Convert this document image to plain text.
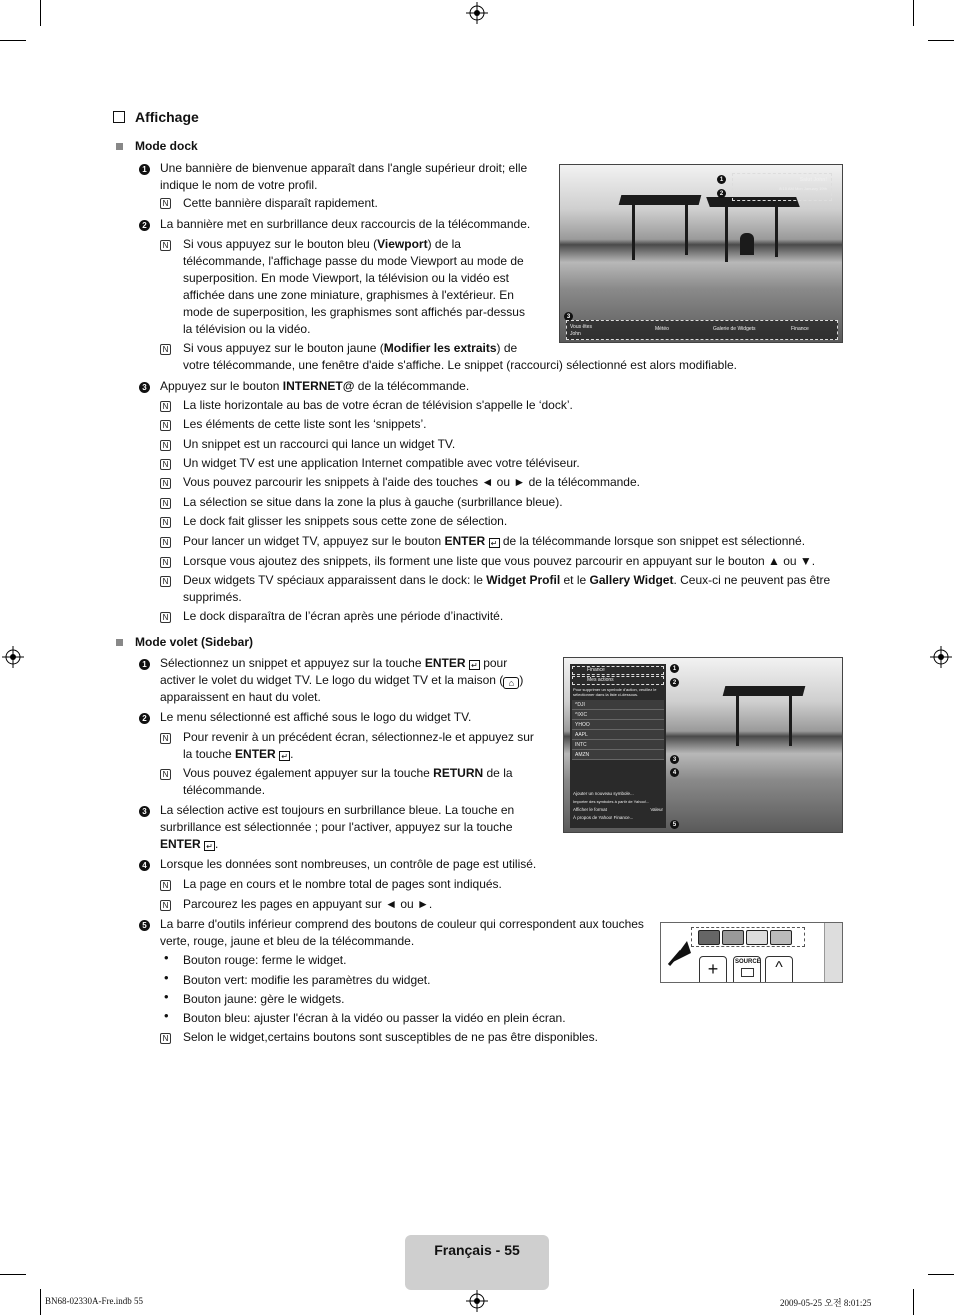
Affichage
Mode dock
1 Une bannière de bienvenue apparaît dans l'angle supérieur droit; elle
indique le nom de votre profil.
N Cette bannière disparaît rapidement.
2 La bannière met en surbrillance deux raccourcis de la télécommande.
N Si vous appuyez sur le bouton bleu (Viewport) de la
télécommande, l'affichage passe du mode Viewport au mode de
superposition. En mode Viewport, la télévision ou la vidéo est
affichée dans une zone miniature, graphismes à l'extérieur. En
mode de superposition, les graphismes sont affichés par-dessus
la télévision ou la vidéo.
N Si vous appuyez sur le bouton jaune (Modifier les extraits) de
votre télécommande, une fenêtre d'aide s'affiche. Le snippet (raccourci) sélectionné est alors modifiable.
3 Appuyez sur le bouton INTERNET@ de la télécommande.
N La liste horizontale au bas de votre écran de télévision s'appelle le ‘dock’.
N Les éléments de cette liste sont les ‘snippets’.
N Un snippet est un raccourci qui lance un widget TV.
N Un widget TV est une application Internet compatible avec votre téléviseur.
N Vous pouvez parcourir les snippets à l'aide des touches ◄ ou ► de la télécommande.
N La sélection se situe dans la zone la plus à gauche (surbrillance bleue).
N Le dock fait glisser les snippets sous cette zone de sélection.
N Pour lancer un widget TV, appuyez sur le bouton ENTER ↵ de la télécommande lorsque son snippet est sélectionné.
N Lorsque vous ajoutez des snippets, ils forment une liste que vous pouvez parcourir en appuyant sur le bouton ▲ ou ▼.
N Deux widgets TV spéciaux apparaissent dans le dock: le Widget Profil et le Gallery Widget. Ceux-ci ne peuvent pas être
supprimés.
N Le dock disparaîtra de l’écran après une période d’inactivité.
Salut John!
8:15 AM Mon January 19th
1
2
3
Vous êtes John
Météo	Galerie de Widgets	Finance
Mode volet (Sidebar)
1 Sélectionnez un snippet et appuyez sur la touche ENTER ↵ pour
activer le volet du widget TV. Le logo du widget TV et la maison ( ⌂ )
apparaissent en haut du volet.
2 Le menu sélectionné est affiché sous le logo du widget TV.
N Pour revenir à un précédent écran, sélectionnez-le et appuyez sur
la touche ENTER ↵ .
N Vous pouvez également appuyer sur la touche RETURN de la
télécommande.
3 La sélection active est toujours en surbrillance bleue. La touche en
surbrillance est sélectionnée ; pour l'activer, appuyez sur la touche
ENTER ↵ .
4 Lorsque les données sont nombreuses, un contrôle de page est utilisé.
N La page en cours et le nombre total de pages sont indiqués.
N Parcourez les pages en appuyant sur ◄ ou ►.
5 La barre d'outils inférieur comprend des boutons de couleur qui correspondent aux touches
verte, rouge, jaune et bleu de la télécommande.
• Bouton rouge: ferme le widget.
• Bouton vert: modifie les paramètres du widget.
• Bouton jaune: gère le widgets.
• Bouton bleu: ajuster l'écran à la vidéo ou passer la vidéo en plein écran.
N Selon le widget,certains boutons sont susceptibles de ne pas être disponibles.
Finance
Mes actions
Pour supprimer un symbole d'action, veuillez le sélectionner dans la liste ci-dessous.
^DJI
^IXIC
YHOO
AAPL
INTC
AMZN
Ajouter un nouveau symbole...
Importer des symboles à partir de Yahoo!...
Afficher le format	Valeur
À propos de Yahoo! Finance...
1
2
3
4
5
+	SOURCE ^
Français - 55
BN68-02330A-Fre.indb 55	2009-05-25 오전 8:01:25
